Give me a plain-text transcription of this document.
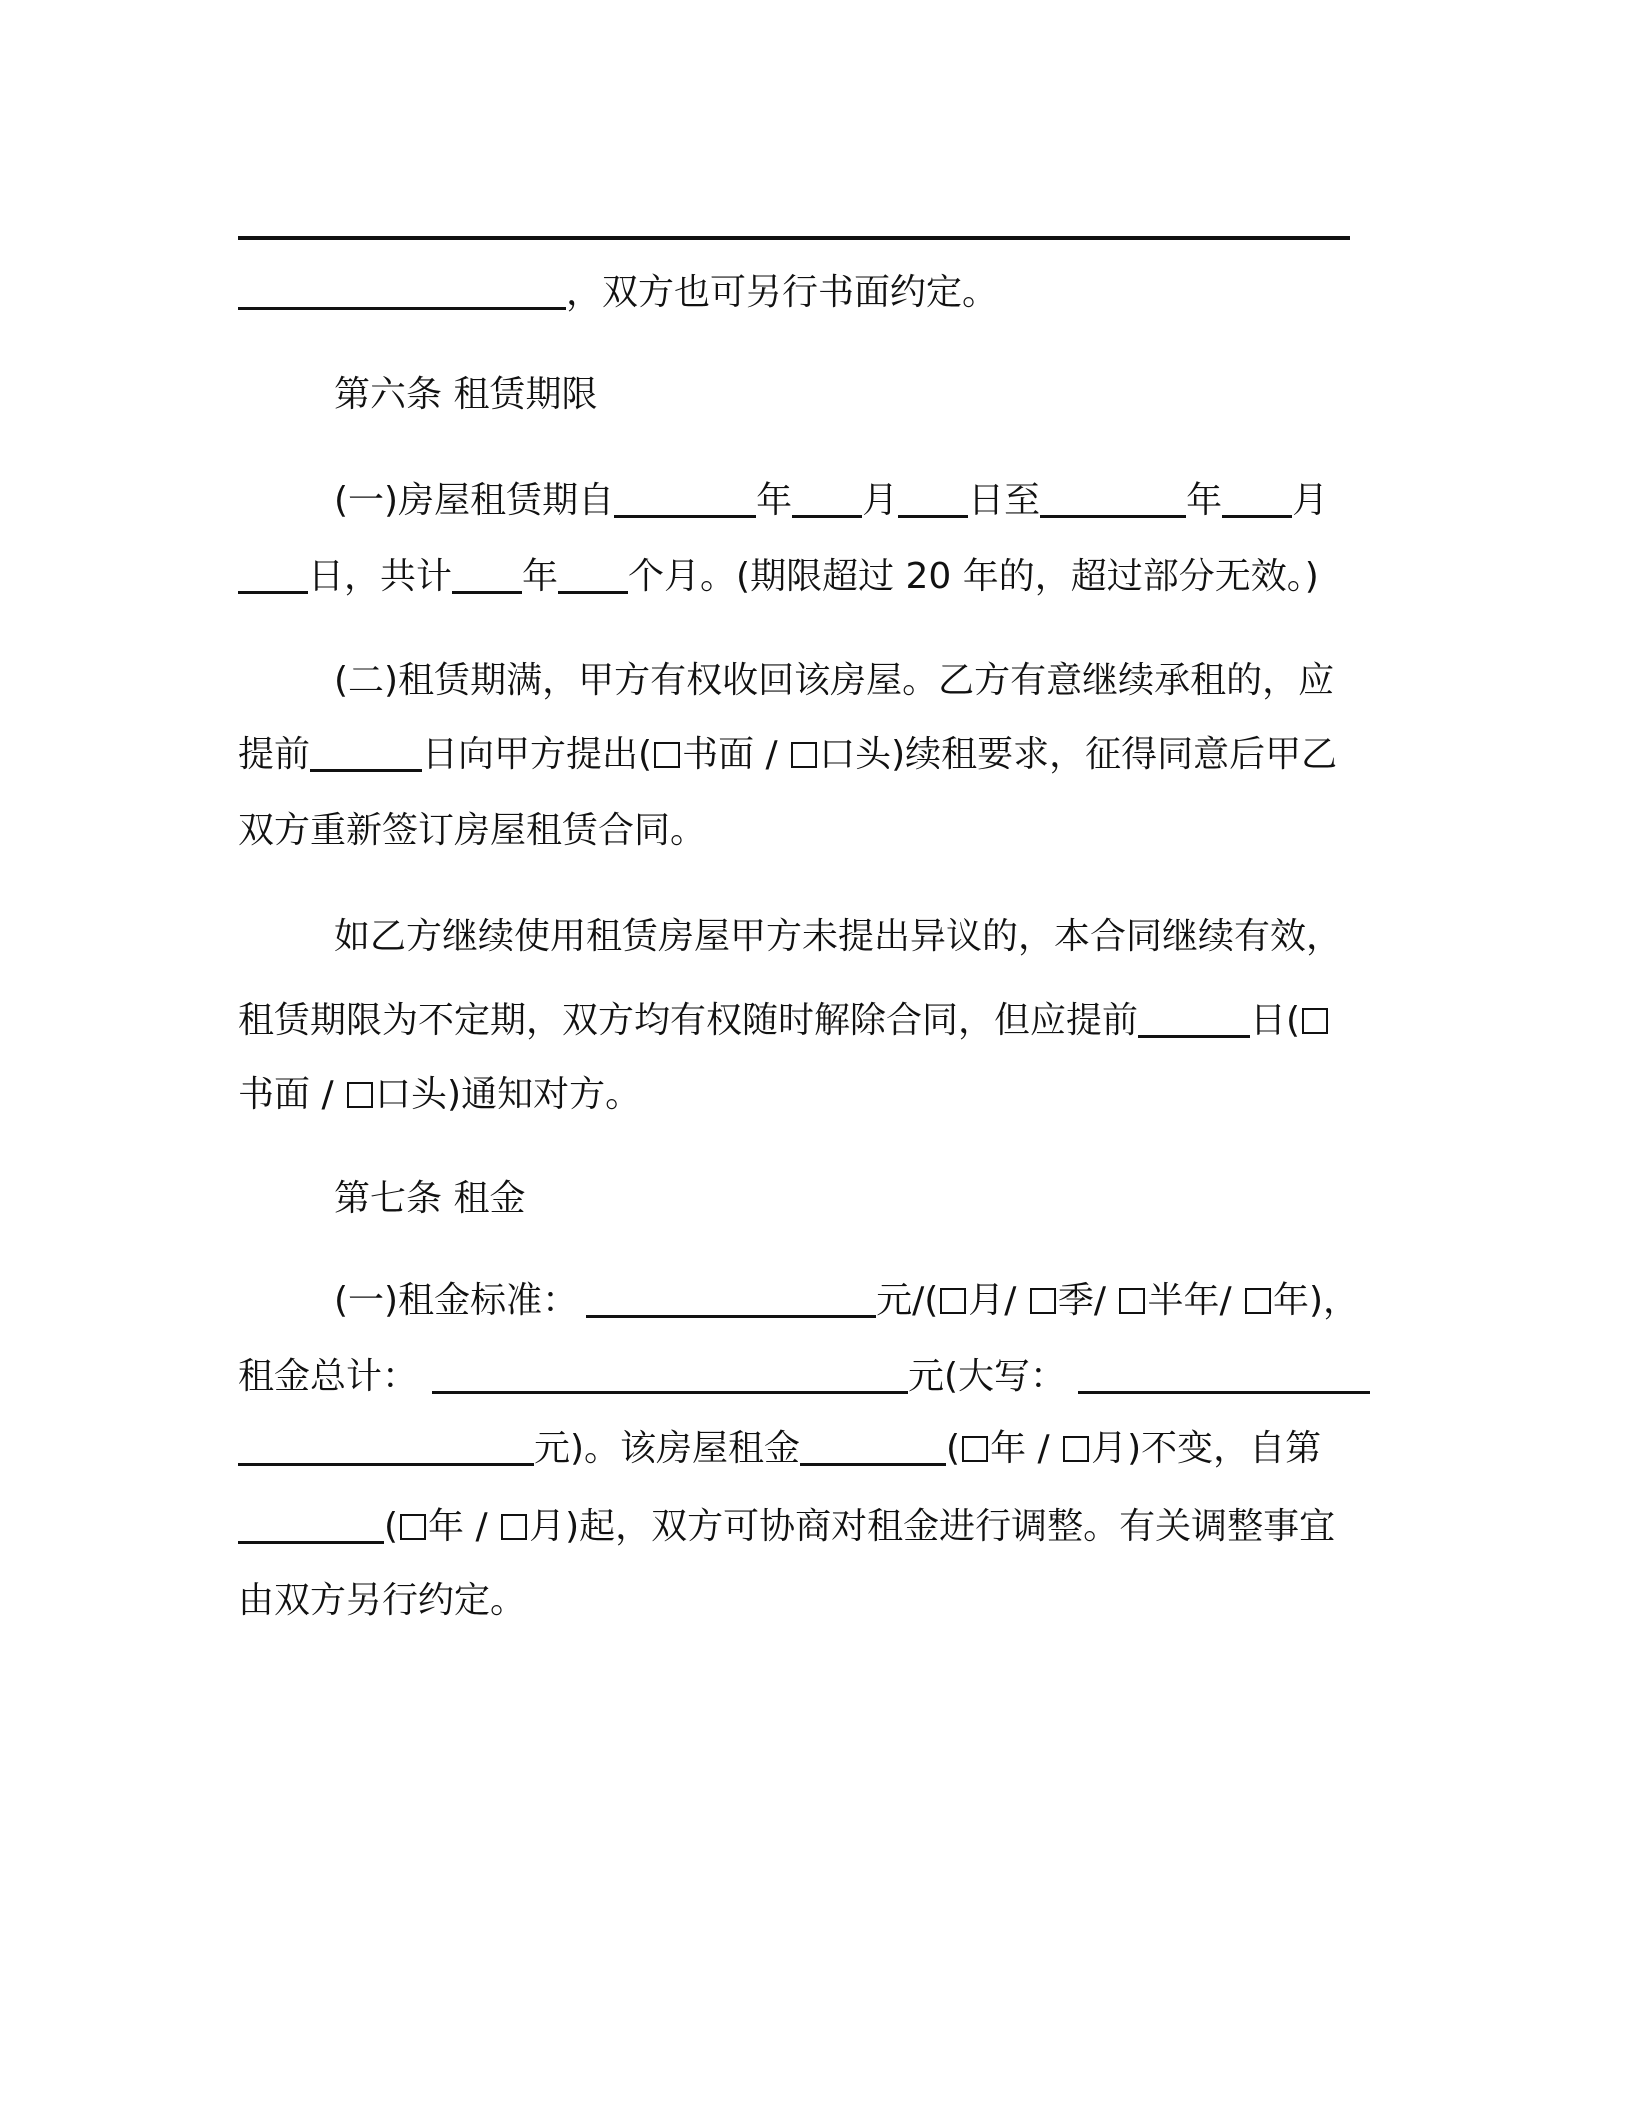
，双方也可另行书面约定。
第六条 租赁期限
(一)房屋租赁期自	年 月 日至	年 月
日，共计 年 个月。(期限超过 20 年的，超过部分无效。)
(二)租赁期满，甲方有权收回该房屋。乙方有意继续承租的，应
提前	日向甲方提出( 书面 / 口头)续租要求，征得同意后甲乙
双方重新签订房屋租赁合同。
如乙方继续使用租赁房屋甲方未提出异议的，本合同继续有效，
租赁期限为不定期，双方均有权随时解除合同，但应提前	日(
书面 / 口头)通知对方。
第七条 租金
(一)租金标准：	元/( 月/ 季/ 半年/ 年)，
租金总计：	元(大写：
元)。该房屋租金	( 年 / 月)不变，自第
( 年 / 月)起，双方可协商对租金进行调整。有关调整事宜
由双方另行约定。
